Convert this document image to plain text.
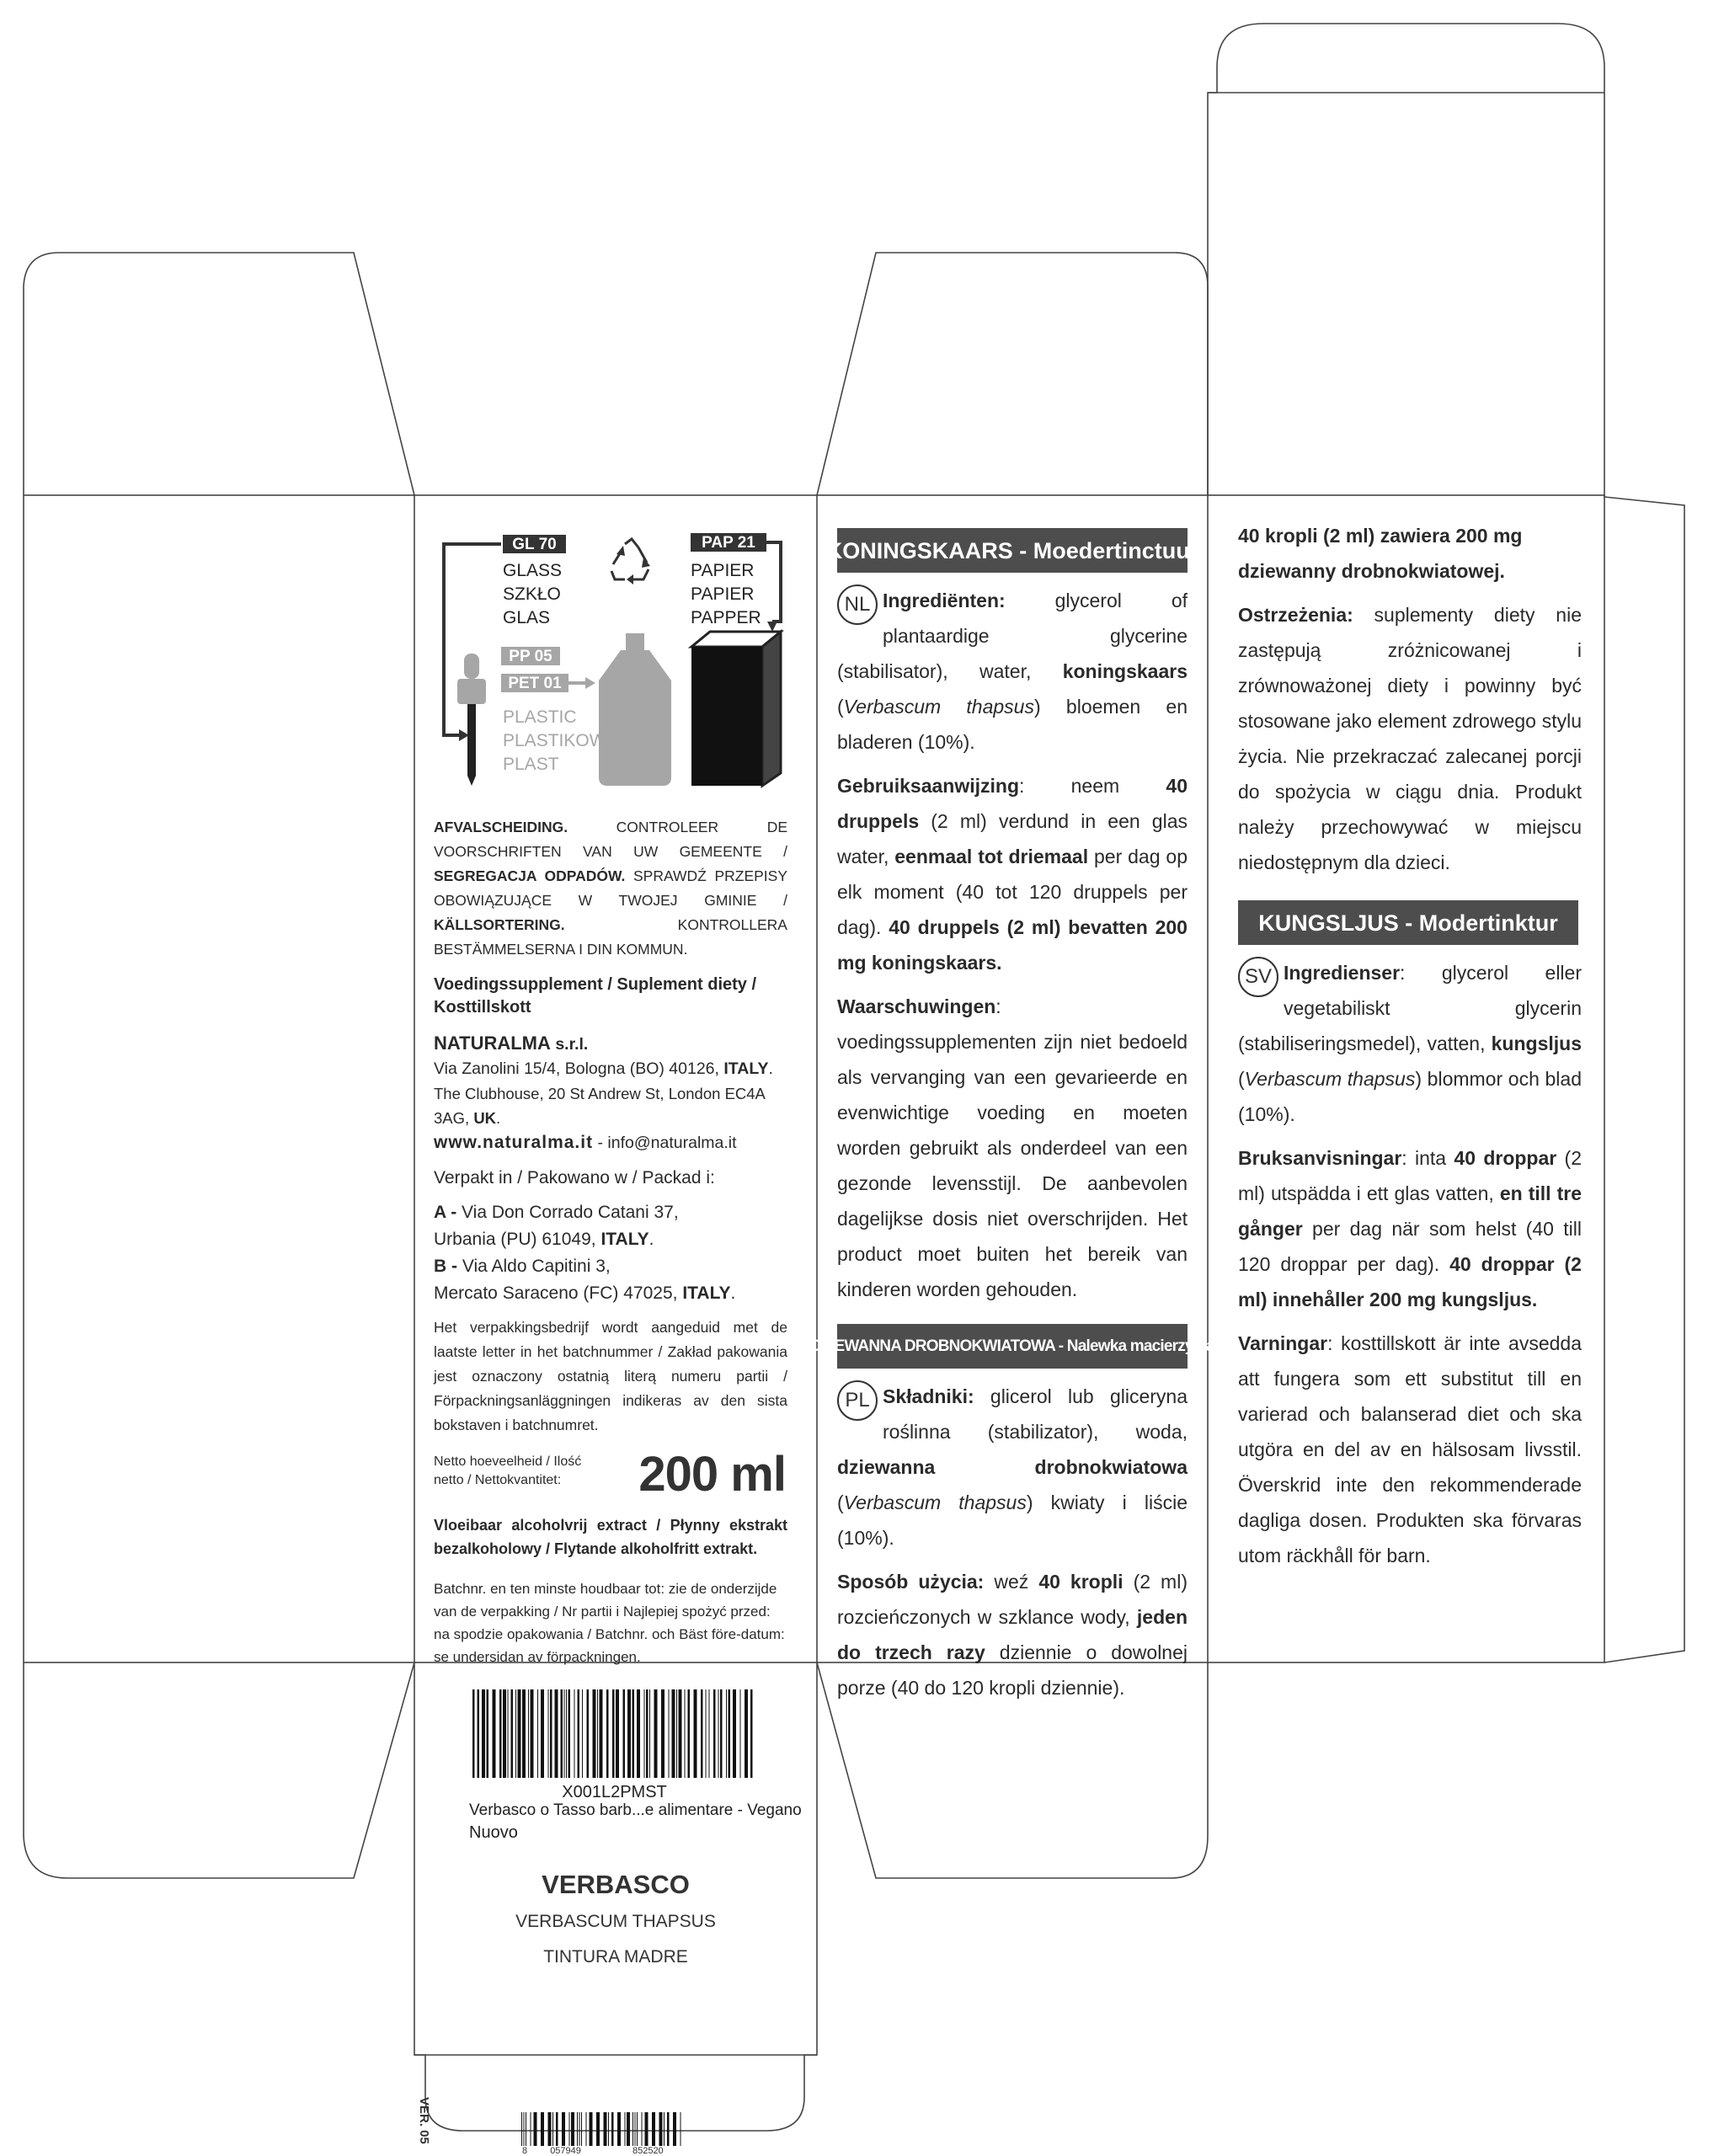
GL 70
GLASS
SZKŁO
GLAS
PAP 21
PAPIER
PAPIER
PAPPER
PP 05
PET 01
PLASTIC
PLASTIKOWY
PLAST

AFVALSCHEIDING. CONTROLEER DE VOORSCHRIFTEN VAN UW GEMEENTE / SEGREGACJA ODPADÓW. SPRAWDŹ PRZEPISY OBOWIĄZUJĄCE W TWOJEJ GMINIE / KÄLLSORTERING. KONTROLLERA BESTÄMMELSERNA I DIN KOMMUN.

Voedingssupplement / Suplement diety / Kosttillskott

NATURALMA s.r.l.
Via Zanolini 15/4, Bologna (BO) 40126, ITALY.
The Clubhouse, 20 St Andrew St, London EC4A 3AG, UK.
www.naturalma.it - info@naturalma.it
Verpakt in / Pakowano w / Packad i:
A - Via Don Corrado Catani 37,
Urbania (PU) 61049, ITALY.
B - Via Aldo Capitini 3,
Mercato Saraceno (FC) 47025, ITALY.

Het verpakkingsbedrijf wordt aangeduid met de laatste letter in het batchnummer / Zakład pakowania jest oznaczony ostatnią literą numeru partii / Förpackningsanläggningen indikeras av den sista bokstaven i batchnumret.

Netto hoeveelheid / Ilość netto / Nettokvantitet:	200 ml

Vloeibaar alcoholvrij extract / Płynny ekstrakt bezalkoholowy / Flytande alkoholfritt extrakt.

Batchnr. en ten minste houdbaar tot: zie de onderzijde van de verpakking / Nr partii i Najlepiej spożyć przed: na spodzie opakowania / Batchnr. och Bäst före-datum: se undersidan av förpackningen.

X001L2PMST
Verbasco o Tasso barb...e alimentare - Vegano
Nuovo
VERBASCO
VERBASCUM THAPSUS
TINTURA MADRE
VER. 05
8 057949	852520
KONINGSKAARS - Moedertinctuur

NL Ingrediënten: glycerol of plantaardige glycerine (stabilisator), water, koningskaars (Verbascum thapsus) bloemen en bladeren (10%).

Gebruiksaanwijzing: neem 40 druppels (2 ml) verdund in een glas water, eenmaal tot driemaal per dag op elk moment (40 tot 120 druppels per dag). 40 druppels (2 ml) bevatten 200 mg koningskaars.

Waarschuwingen: voedingssupplementen zijn niet bedoeld als vervanging van een gevarieerde en evenwichtige voeding en moeten worden gebruikt als onderdeel van een gezonde levensstijl. De aanbevolen dagelijkse dosis niet overschrijden. Het product moet buiten het bereik van kinderen worden gehouden.

DZIEWANNA DROBNOKWIATOWA - Nalewka macierzysta

PL Składniki: glicerol lub gliceryna roślinna (stabilizator), woda, dziewanna drobnokwiatowa (Verbascum thapsus) kwiaty i liście (10%).

Sposób użycia: weź 40 kropli (2 ml) rozcieńczonych w szklance wody, jeden do trzech razy dziennie o dowolnej porze (40 do 120 kropli dziennie).

40 kropli (2 ml) zawiera 200 mg dziewanny drobnokwiatowej.

Ostrzeżenia: suplementy diety nie zastępują zróżnicowanej i zrównoważonej diety i powinny być stosowane jako element zdrowego stylu życia. Nie przekraczać zalecanej porcji do spożycia w ciągu dnia. Produkt należy przechowywać w miejscu niedostępnym dla dzieci.

KUNGSLJUS - Modertinktur

SV Ingredienser: glycerol eller vegetabiliskt glycerin (stabiliseringsmedel), vatten, kungsljus (Verbascum thapsus) blommor och blad (10%).

Bruksanvisningar: inta 40 droppar (2 ml) utspädda i ett glas vatten, en till tre gånger per dag när som helst (40 till 120 droppar per dag). 40 droppar (2 ml) innehåller 200 mg kungsljus.

Varningar: kosttillskott är inte avsedda att fungera som ett substitut till en varierad och balanserad diet och ska utgöra en del av en hälsosam livsstil. Överskrid inte den rekommenderade dagliga dosen. Produkten ska förvaras utom räckhåll för barn.
